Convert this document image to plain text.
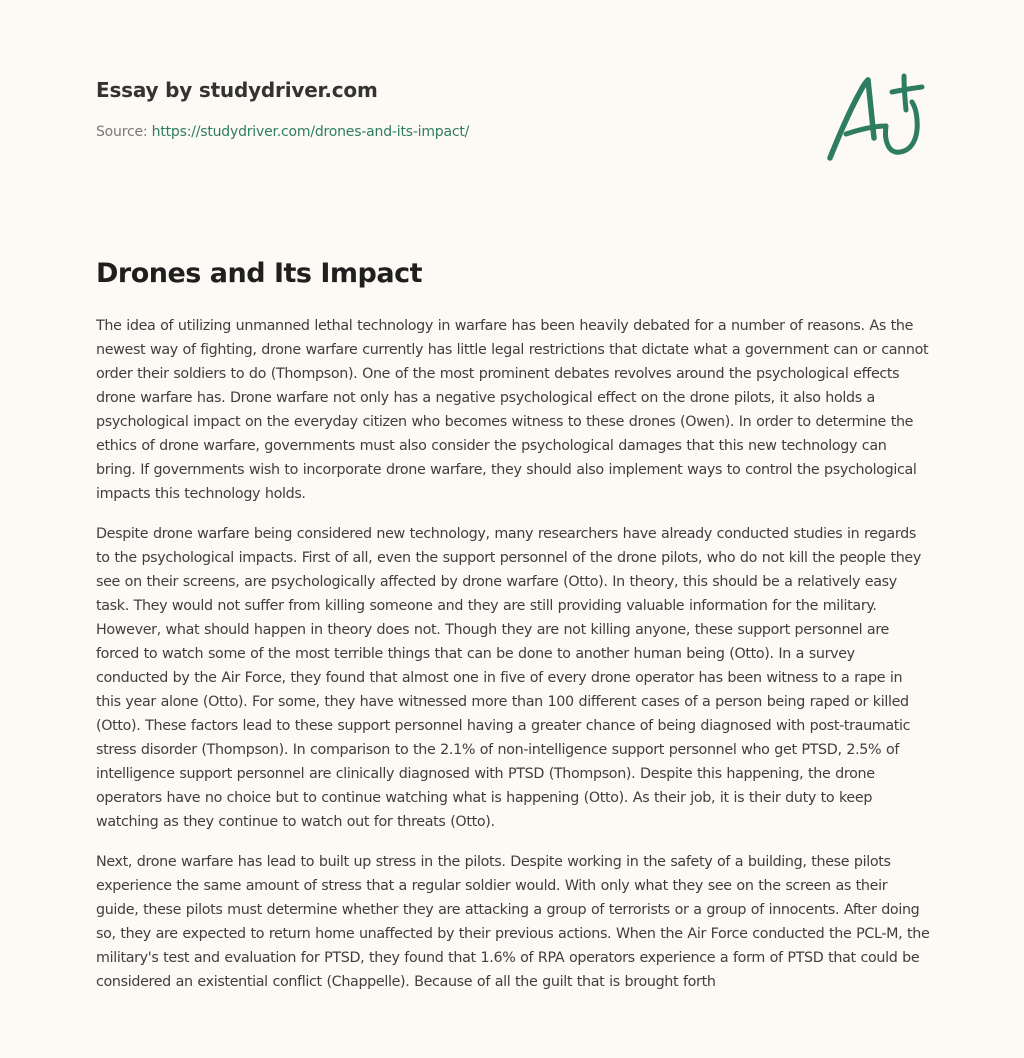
Essay by studydriver.com
Source: https://studydriver.com/drones-and-its-impact/
Drones and Its Impact

The idea of utilizing unmanned lethal technology in warfare has been heavily debated for a number of reasons. As the newest way of fighting, drone warfare currently has little legal restrictions that dictate what a government can or cannot order their soldiers to do (Thompson). One of the most prominent debates revolves around the psychological effects drone warfare has. Drone warfare not only has a negative psychological effect on the drone pilots, it also holds a psychological impact on the everyday citizen who becomes witness to these drones (Owen). In order to determine the ethics of drone warfare, governments must also consider the psychological damages that this new technology can bring. If governments wish to incorporate drone warfare, they should also implement ways to control the psychological impacts this technology holds.

Despite drone warfare being considered new technology, many researchers have already conducted studies in regards to the psychological impacts. First of all, even the support personnel of the drone pilots, who do not kill the people they see on their screens, are psychologically affected by drone warfare (Otto). In theory, this should be a relatively easy task. They would not suffer from killing someone and they are still providing valuable information for the military. However, what should happen in theory does not. Though they are not killing anyone, these support personnel are forced to watch some of the most terrible things that can be done to another human being (Otto). In a survey conducted by the Air Force, they found that almost one in five of every drone operator has been witness to a rape in this year alone (Otto). For some, they have witnessed more than 100 different cases of a person being raped or killed (Otto). These factors lead to these support personnel having a greater chance of being diagnosed with post-traumatic stress disorder (Thompson). In comparison to the 2.1% of non-intelligence support personnel who get PTSD, 2.5% of intelligence support personnel are clinically diagnosed with PTSD (Thompson). Despite this happening, the drone operators have no choice but to continue watching what is happening (Otto). As their job, it is their duty to keep watching as they continue to watch out for threats (Otto).

Next, drone warfare has lead to built up stress in the pilots. Despite working in the safety of a building, these pilots experience the same amount of stress that a regular soldier would. With only what they see on the screen as their guide, these pilots must determine whether they are attacking a group of terrorists or a group of innocents. After doing so, they are expected to return home unaffected by their previous actions. When the Air Force conducted the PCL-M, the military's test and evaluation for PTSD, they found that 1.6% of RPA operators experience a form of PTSD that could be considered an existential conflict (Chappelle). Because of all the guilt that is brought forth
